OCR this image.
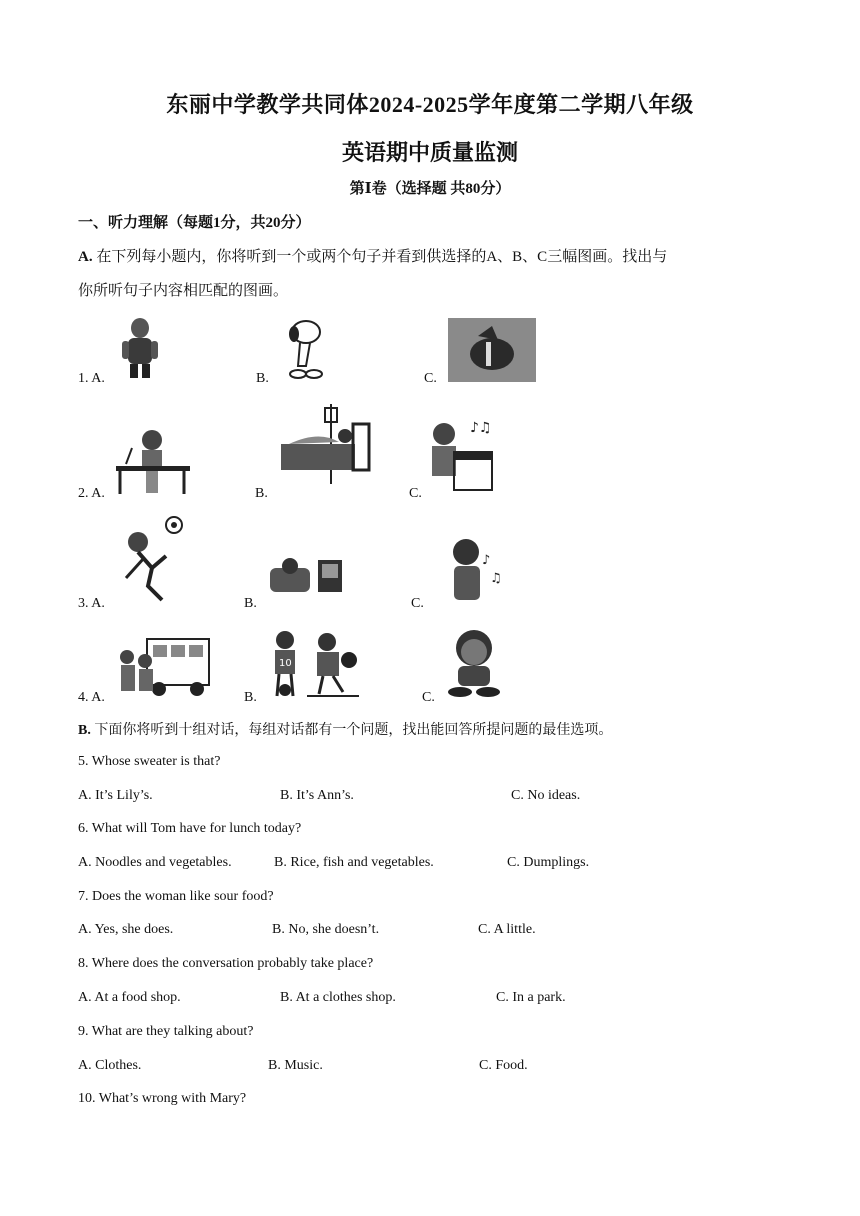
东丽中学教学共同体2024-2025学年度第二学期八年级
英语期中质量监测
第Ⅰ卷（选择题 共80分）
一、听力理解（每题1分，共20分）
A. 在下列每小题内，你将听到一个或两个句子并看到供选择的A、B、C三幅图画。找出与
你所听句子内容相匹配的图画。
1. A.	B.	C.
2. A.	B.	C.
♪♫
3. A.	B.	C.
♪
♫
4. A.	B.
10
C.
B. 下面你将听到十组对话，每组对话都有一个问题，找出能回答所提问题的最佳选项。
5. Whose sweater is that?
A. It’s Lily’s.	B. It’s Ann’s.	C. No ideas.
6. What will Tom have for lunch today?
A. Noodles and vegetables.	B. Rice, fish and vegetables.	C. Dumplings.
7. Does the woman like sour food?
A. Yes, she does.	B. No, she doesn’t.	C. A little.
8. Where does the conversation probably take place?
A. At a food shop.	B. At a clothes shop.	C. In a park.
9. What are they talking about?
A. Clothes.	B. Music.	C. Food.
10. What’s wrong with Mary?
